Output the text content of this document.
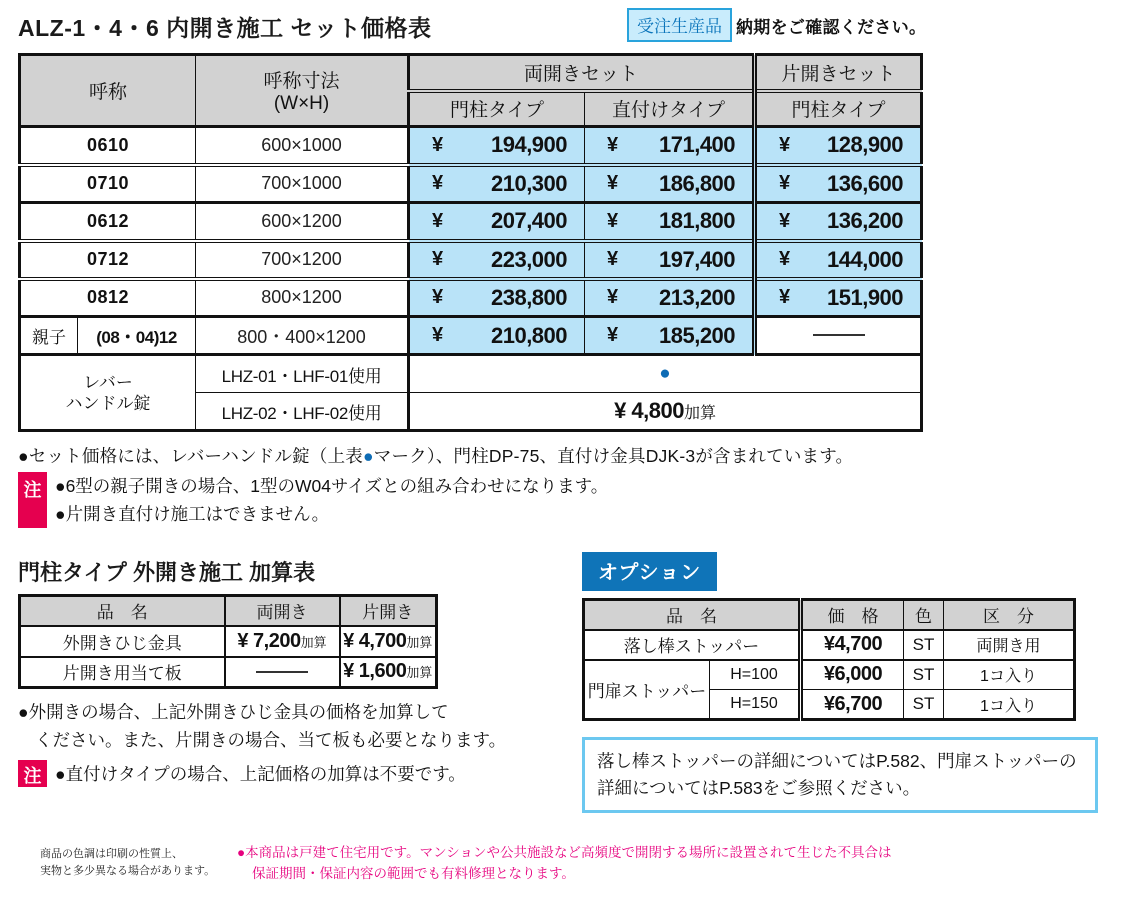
ALZ-1・4・6 内開き施工 セット価格表	受注生産品 納期をご確認ください。
呼称		呼称寸法
(W×H)	両開きセット		片開きセット
			門柱タイプ	直付けタイプ	門柱タイプ
0610		600×1000	¥ 194,900	¥ 171,400	¥ 128,900

0710		700×1000	¥ 210,300	¥ 186,800	¥ 136,600

0612		600×1200	¥ 207,400	¥ 181,800	¥ 136,200

0712		700×1200	¥ 223,000	¥ 197,400	¥ 144,000

0812		800×1200	¥ 238,800	¥ 213,200	¥ 151,900

親子	(08・04)12	800・400×1200	¥ 210,800	¥ 185,200	

レバー
ハンドル錠		LHZ-01・LHF-01使用	●		
		LHZ-02・LHF-02使用	¥ 4,800加算		
●セット価格には、レバーハンドル錠（上表●マーク）、門柱DP-75、直付け金具DJK-3が含まれています。
注 ●6型の親子開きの場合、1型のW04サイズとの組み合わせになります。
●片開き直付け施工はできません。
門柱タイプ 外開き施工 加算表
品　名	両開き	片開き
外開きひじ金具	¥ 7,200加算	¥ 4,700加算
片開き用当て板		¥ 1,600加算
●外開きの場合、上記外開きひじ金具の価格を加算して
ください。また、片開きの場合、当て板も必要となります。
注 ●直付けタイプの場合、上記価格の加算は不要です。
オプション
品　名		価　格	色	区　分
落し棒ストッパー		¥4,700	ST	両開き用
門扉ストッパー	H=100	¥6,000	ST	1コ入り
	H=150	¥6,700	ST	1コ入り
落し棒ストッパーの詳細についてはP.582、門扉ストッパーの詳細についてはP.583をご参照ください。
商品の色調は印刷の性質上、
実物と多少異なる場合があります。
●本商品は戸建て住宅用です。マンションや公共施設など高頻度で開閉する場所に設置されて生じた不具合は
保証期間・保証内容の範囲でも有料修理となります。
